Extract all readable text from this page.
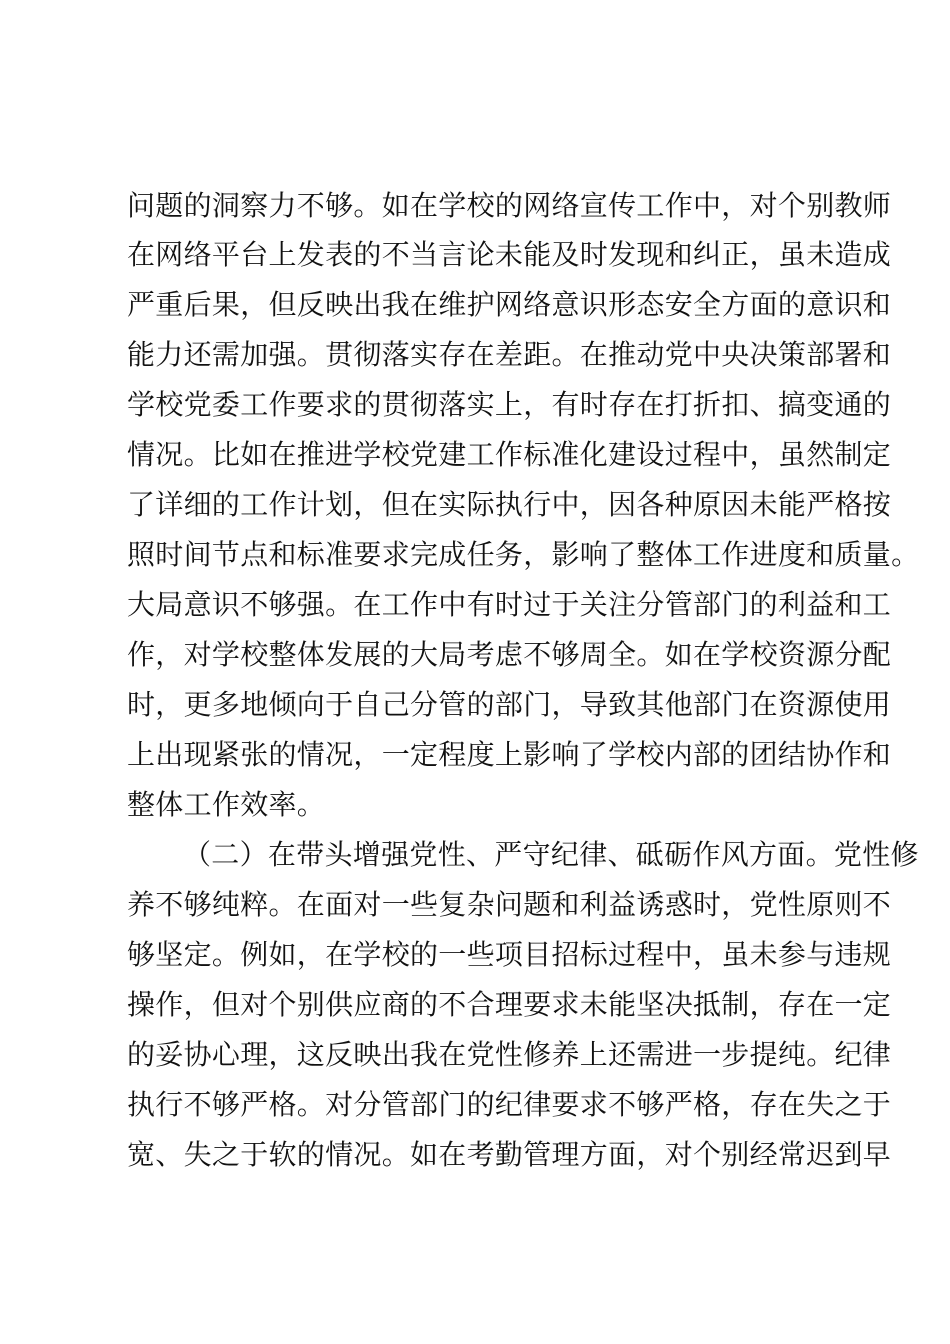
问题的洞察力不够。如在学校的网络宣传工作中，对个别教师
在网络平台上发表的不当言论未能及时发现和纠正，虽未造成
严重后果，但反映出我在维护网络意识形态安全方面的意识和
能力还需加强。贯彻落实存在差距。在推动党中央决策部署和
学校党委工作要求的贯彻落实上，有时存在打折扣、搞变通的
情况。比如在推进学校党建工作标准化建设过程中，虽然制定
了详细的工作计划，但在实际执行中，因各种原因未能严格按
照时间节点和标准要求完成任务，影响了整体工作进度和质量。
大局意识不够强。在工作中有时过于关注分管部门的利益和工
作，对学校整体发展的大局考虑不够周全。如在学校资源分配
时，更多地倾向于自己分管的部门，导致其他部门在资源使用
上出现紧张的情况，一定程度上影响了学校内部的团结协作和
整体工作效率。
（二）在带头增强党性、严守纪律、砥砺作风方面。党性修
养不够纯粹。在面对一些复杂问题和利益诱惑时，党性原则不
够坚定。例如，在学校的一些项目招标过程中，虽未参与违规
操作，但对个别供应商的不合理要求未能坚决抵制，存在一定
的妥协心理，这反映出我在党性修养上还需进一步提纯。纪律
执行不够严格。对分管部门的纪律要求不够严格，存在失之于
宽、失之于软的情况。如在考勤管理方面，对个别经常迟到早
